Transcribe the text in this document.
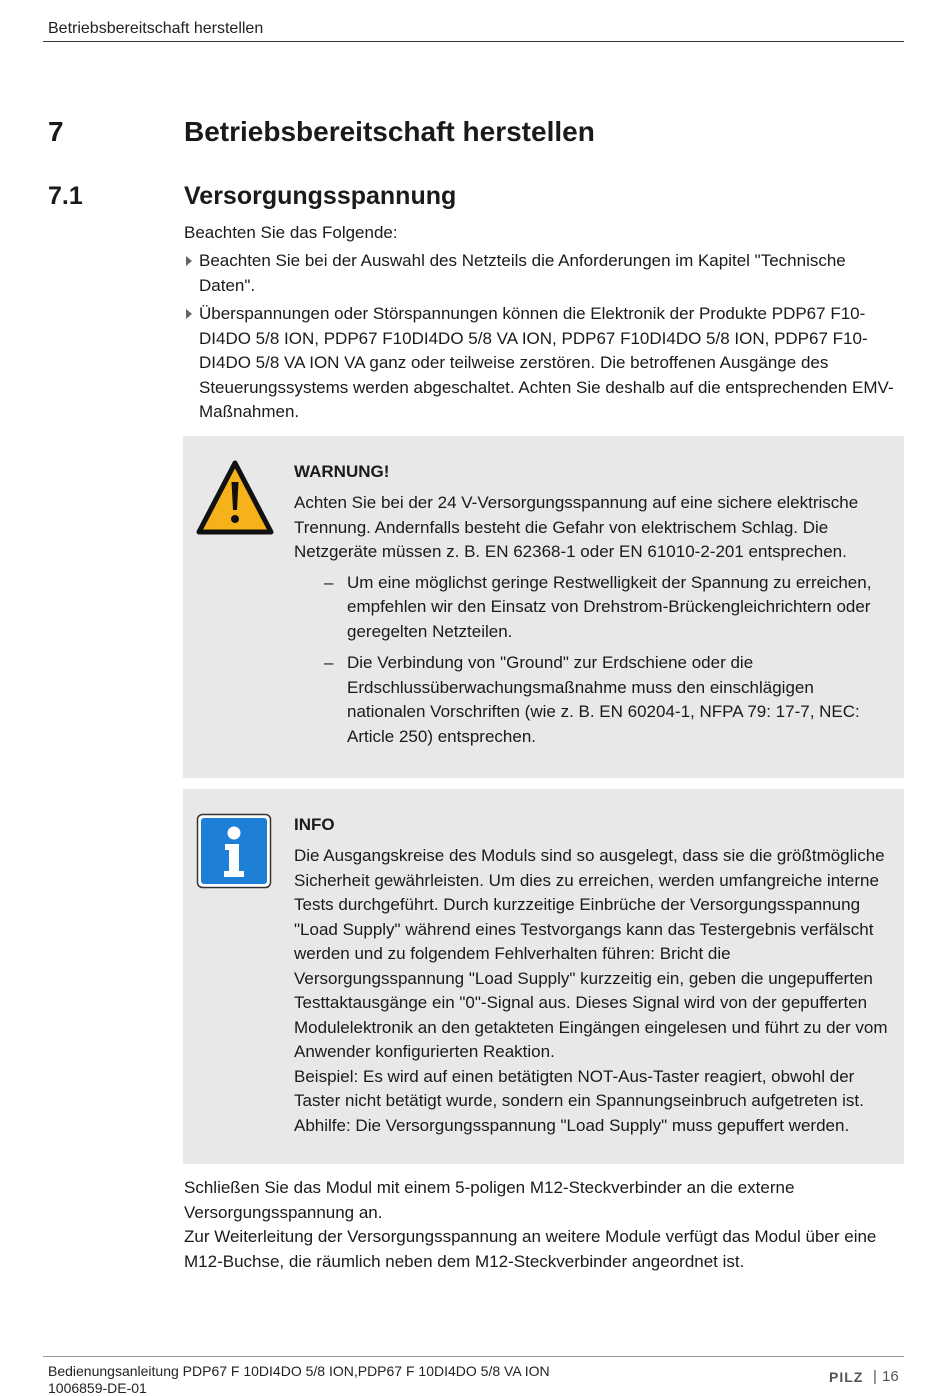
Betriebsbereitschaft herstellen
7	Betriebsbereitschaft herstellen
7.1	Versorgungsspannung
Beachten Sie das Folgende:
Beachten Sie bei der Auswahl des Netzteils die Anforderungen im Kapitel "Technische Daten".
Überspannungen oder Störspannungen können die Elektronik der Produkte PDP67 F10-DI4DO 5/8 ION, PDP67 F10DI4DO 5/8 VA ION, PDP67 F10DI4DO 5/8 ION, PDP67 F10-DI4DO 5/8 VA ION VA ganz oder teilweise zerstören. Die betroffenen Ausgänge des Steuerungssystems werden abgeschaltet. Achten Sie deshalb auf die entsprechenden EMV-Maßnahmen.
WARNUNG!
Achten Sie bei der 24 V-Versorgungsspannung auf eine sichere elektrische Trennung. Andernfalls besteht die Gefahr von elektrischem Schlag. Die Netzgeräte müssen z. B. EN 62368-1 oder EN 61010-2-201 entsprechen.
– Um eine möglichst geringe Restwelligkeit der Spannung zu erreichen, empfehlen wir den Einsatz von Drehstrom-Brückengleichrichtern oder geregelten Netzteilen.
– Die Verbindung von "Ground" zur Erdschiene oder die Erdschlussüberwachungsmaßnahme muss den einschlägigen nationalen Vorschriften (wie z. B. EN 60204-1, NFPA 79: 17-7, NEC: Article 250) entsprechen.
INFO
Die Ausgangskreise des Moduls sind so ausgelegt, dass sie die größtmögliche Sicherheit gewährleisten. Um dies zu erreichen, werden umfangreiche interne Tests durchgeführt. Durch kurzzeitige Einbrüche der Versorgungsspannung "Load Supply" während eines Testvorgangs kann das Testergebnis verfälscht werden und zu folgendem Fehlverhalten führen: Bricht die Versorgungsspannung "Load Supply" kurzzeitig ein, geben die ungepufferten Testtaktausgänge ein "0"-Signal aus. Dieses Signal wird von der gepufferten Modulelektronik an den getakteten Eingängen eingelesen und führt zu der vom Anwender konfigurierten Reaktion.
Beispiel: Es wird auf einen betätigten NOT-Aus-Taster reagiert, obwohl der Taster nicht betätigt wurde, sondern ein Spannungseinbruch aufgetreten ist.
Abhilfe: Die Versorgungsspannung "Load Supply" muss gepuffert werden.
Schließen Sie das Modul mit einem 5-poligen M12-Steckverbinder an die externe Versorgungsspannung an.
Zur Weiterleitung der Versorgungsspannung an weitere Module verfügt das Modul über eine M12-Buchse, die räumlich neben dem M12-Steckverbinder angeordnet ist.
Bedienungsanleitung PDP67 F 10DI4DO 5/8 ION,PDP67 F 10DI4DO 5/8 VA ION
1006859-DE-01
PILZ | 16
